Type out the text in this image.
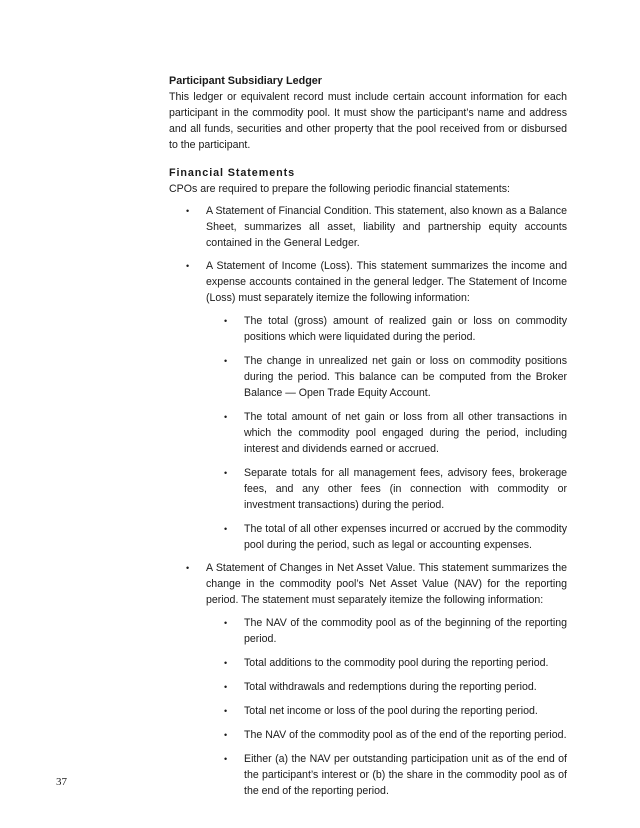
Participant Subsidiary Ledger

This ledger or equivalent record must include certain account information for each participant in the commodity pool. It must show the participant’s name and address and all funds, securities and other property that the pool received from or disbursed to the participant.

Financial Statements

CPOs are required to prepare the following periodic financial statements:

•	A Statement of Financial Condition. This statement, also known as a Balance Sheet, summarizes all asset, liability and partnership equity accounts contained in the General Ledger.
•	A Statement of Income (Loss). This statement summarizes the income and expense accounts contained in the general ledger. The Statement of Income (Loss) must separately itemize the following information:
•	The total (gross) amount of realized gain or loss on commodity positions which were liquidated during the period.
•	The change in unrealized net gain or loss on commodity positions during the period. This balance can be computed from the Broker Balance — Open Trade Equity Account.
•	The total amount of net gain or loss from all other transactions in which the commodity pool engaged during the period, including interest and dividends earned or accrued.
•	Separate totals for all management fees, advisory fees, brokerage fees, and any other fees (in connection with commodity or investment transactions) during the period.
•	The total of all other expenses incurred or accrued by the commodity pool during the period, such as legal or accounting expenses.
•	A Statement of Changes in Net Asset Value. This statement summarizes the change in the commodity pool’s Net Asset Value (NAV) for the reporting period. The statement must separately itemize the following information:
•	The NAV of the commodity pool as of the beginning of the reporting period.
•	Total additions to the commodity pool during the reporting period.
•	Total withdrawals and redemptions during the reporting period.
•	Total net income or loss of the pool during the reporting period.
•	The NAV of the commodity pool as of the end of the reporting period.
•	Either (a) the NAV per outstanding participation unit as of the end of the participant’s interest or (b) the share in the commodity pool as of the end of the reporting period.
37
